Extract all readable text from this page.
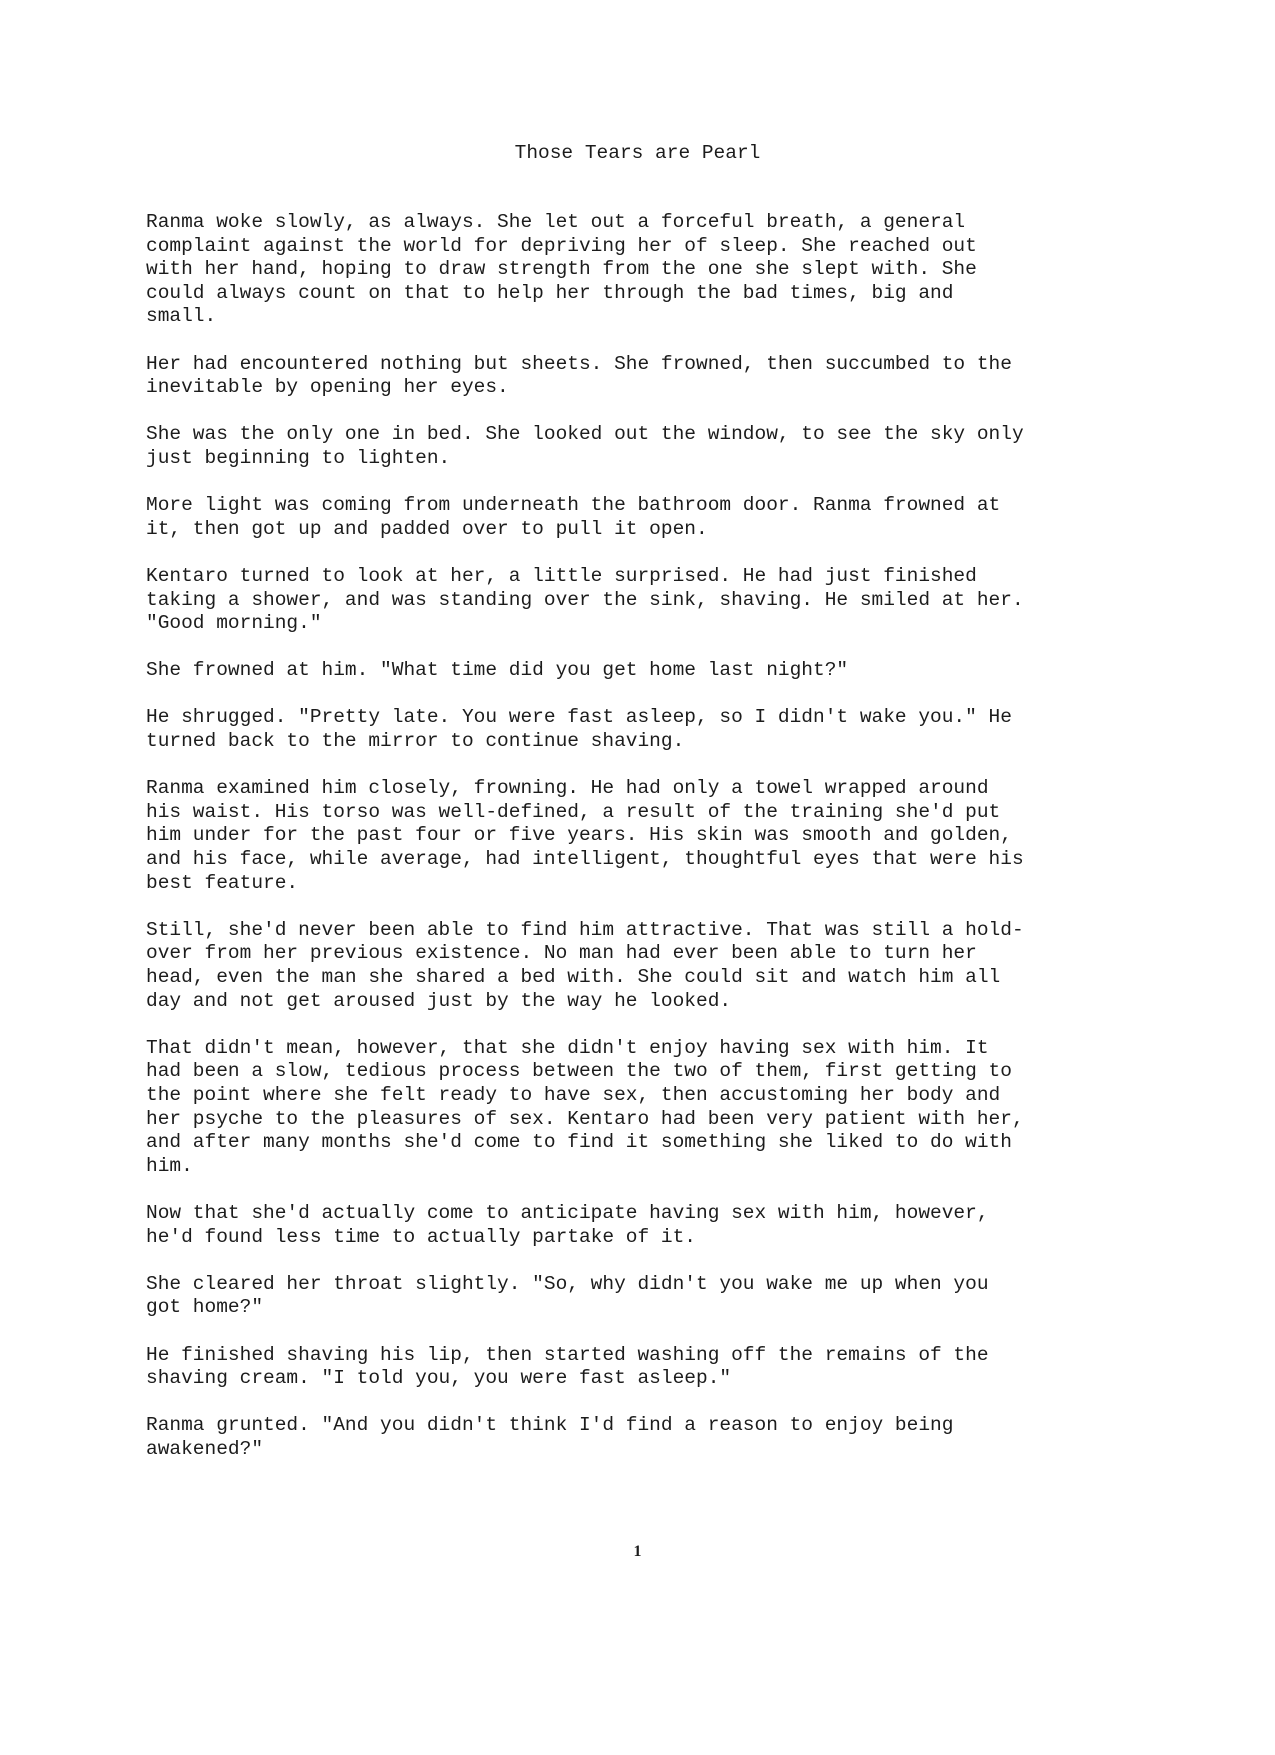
Those Tears are Pearl

Ranma woke slowly, as always. She let out a forceful breath, a general
complaint against the world for depriving her of sleep. She reached out
with her hand, hoping to draw strength from the one she slept with. She
could always count on that to help her through the bad times, big and
small.

Her had encountered nothing but sheets. She frowned, then succumbed to the
inevitable by opening her eyes.

She was the only one in bed. She looked out the window, to see the sky only
just beginning to lighten.

More light was coming from underneath the bathroom door. Ranma frowned at
it, then got up and padded over to pull it open.

Kentaro turned to look at her, a little surprised. He had just finished
taking a shower, and was standing over the sink, shaving. He smiled at her.
"Good morning."

She frowned at him. "What time did you get home last night?"

He shrugged. "Pretty late. You were fast asleep, so I didn't wake you." He
turned back to the mirror to continue shaving.

Ranma examined him closely, frowning. He had only a towel wrapped around
his waist. His torso was well-defined, a result of the training she'd put
him under for the past four or five years. His skin was smooth and golden,
and his face, while average, had intelligent, thoughtful eyes that were his
best feature.

Still, she'd never been able to find him attractive. That was still a hold-
over from her previous existence. No man had ever been able to turn her
head, even the man she shared a bed with. She could sit and watch him all
day and not get aroused just by the way he looked.

That didn't mean, however, that she didn't enjoy having sex with him. It
had been a slow, tedious process between the two of them, first getting to
the point where she felt ready to have sex, then accustoming her body and
her psyche to the pleasures of sex. Kentaro had been very patient with her,
and after many months she'd come to find it something she liked to do with
him.

Now that she'd actually come to anticipate having sex with him, however,
he'd found less time to actually partake of it.

She cleared her throat slightly. "So, why didn't you wake me up when you
got home?"

He finished shaving his lip, then started washing off the remains of the
shaving cream. "I told you, you were fast asleep."

Ranma grunted. "And you didn't think I'd find a reason to enjoy being
awakened?"

1
